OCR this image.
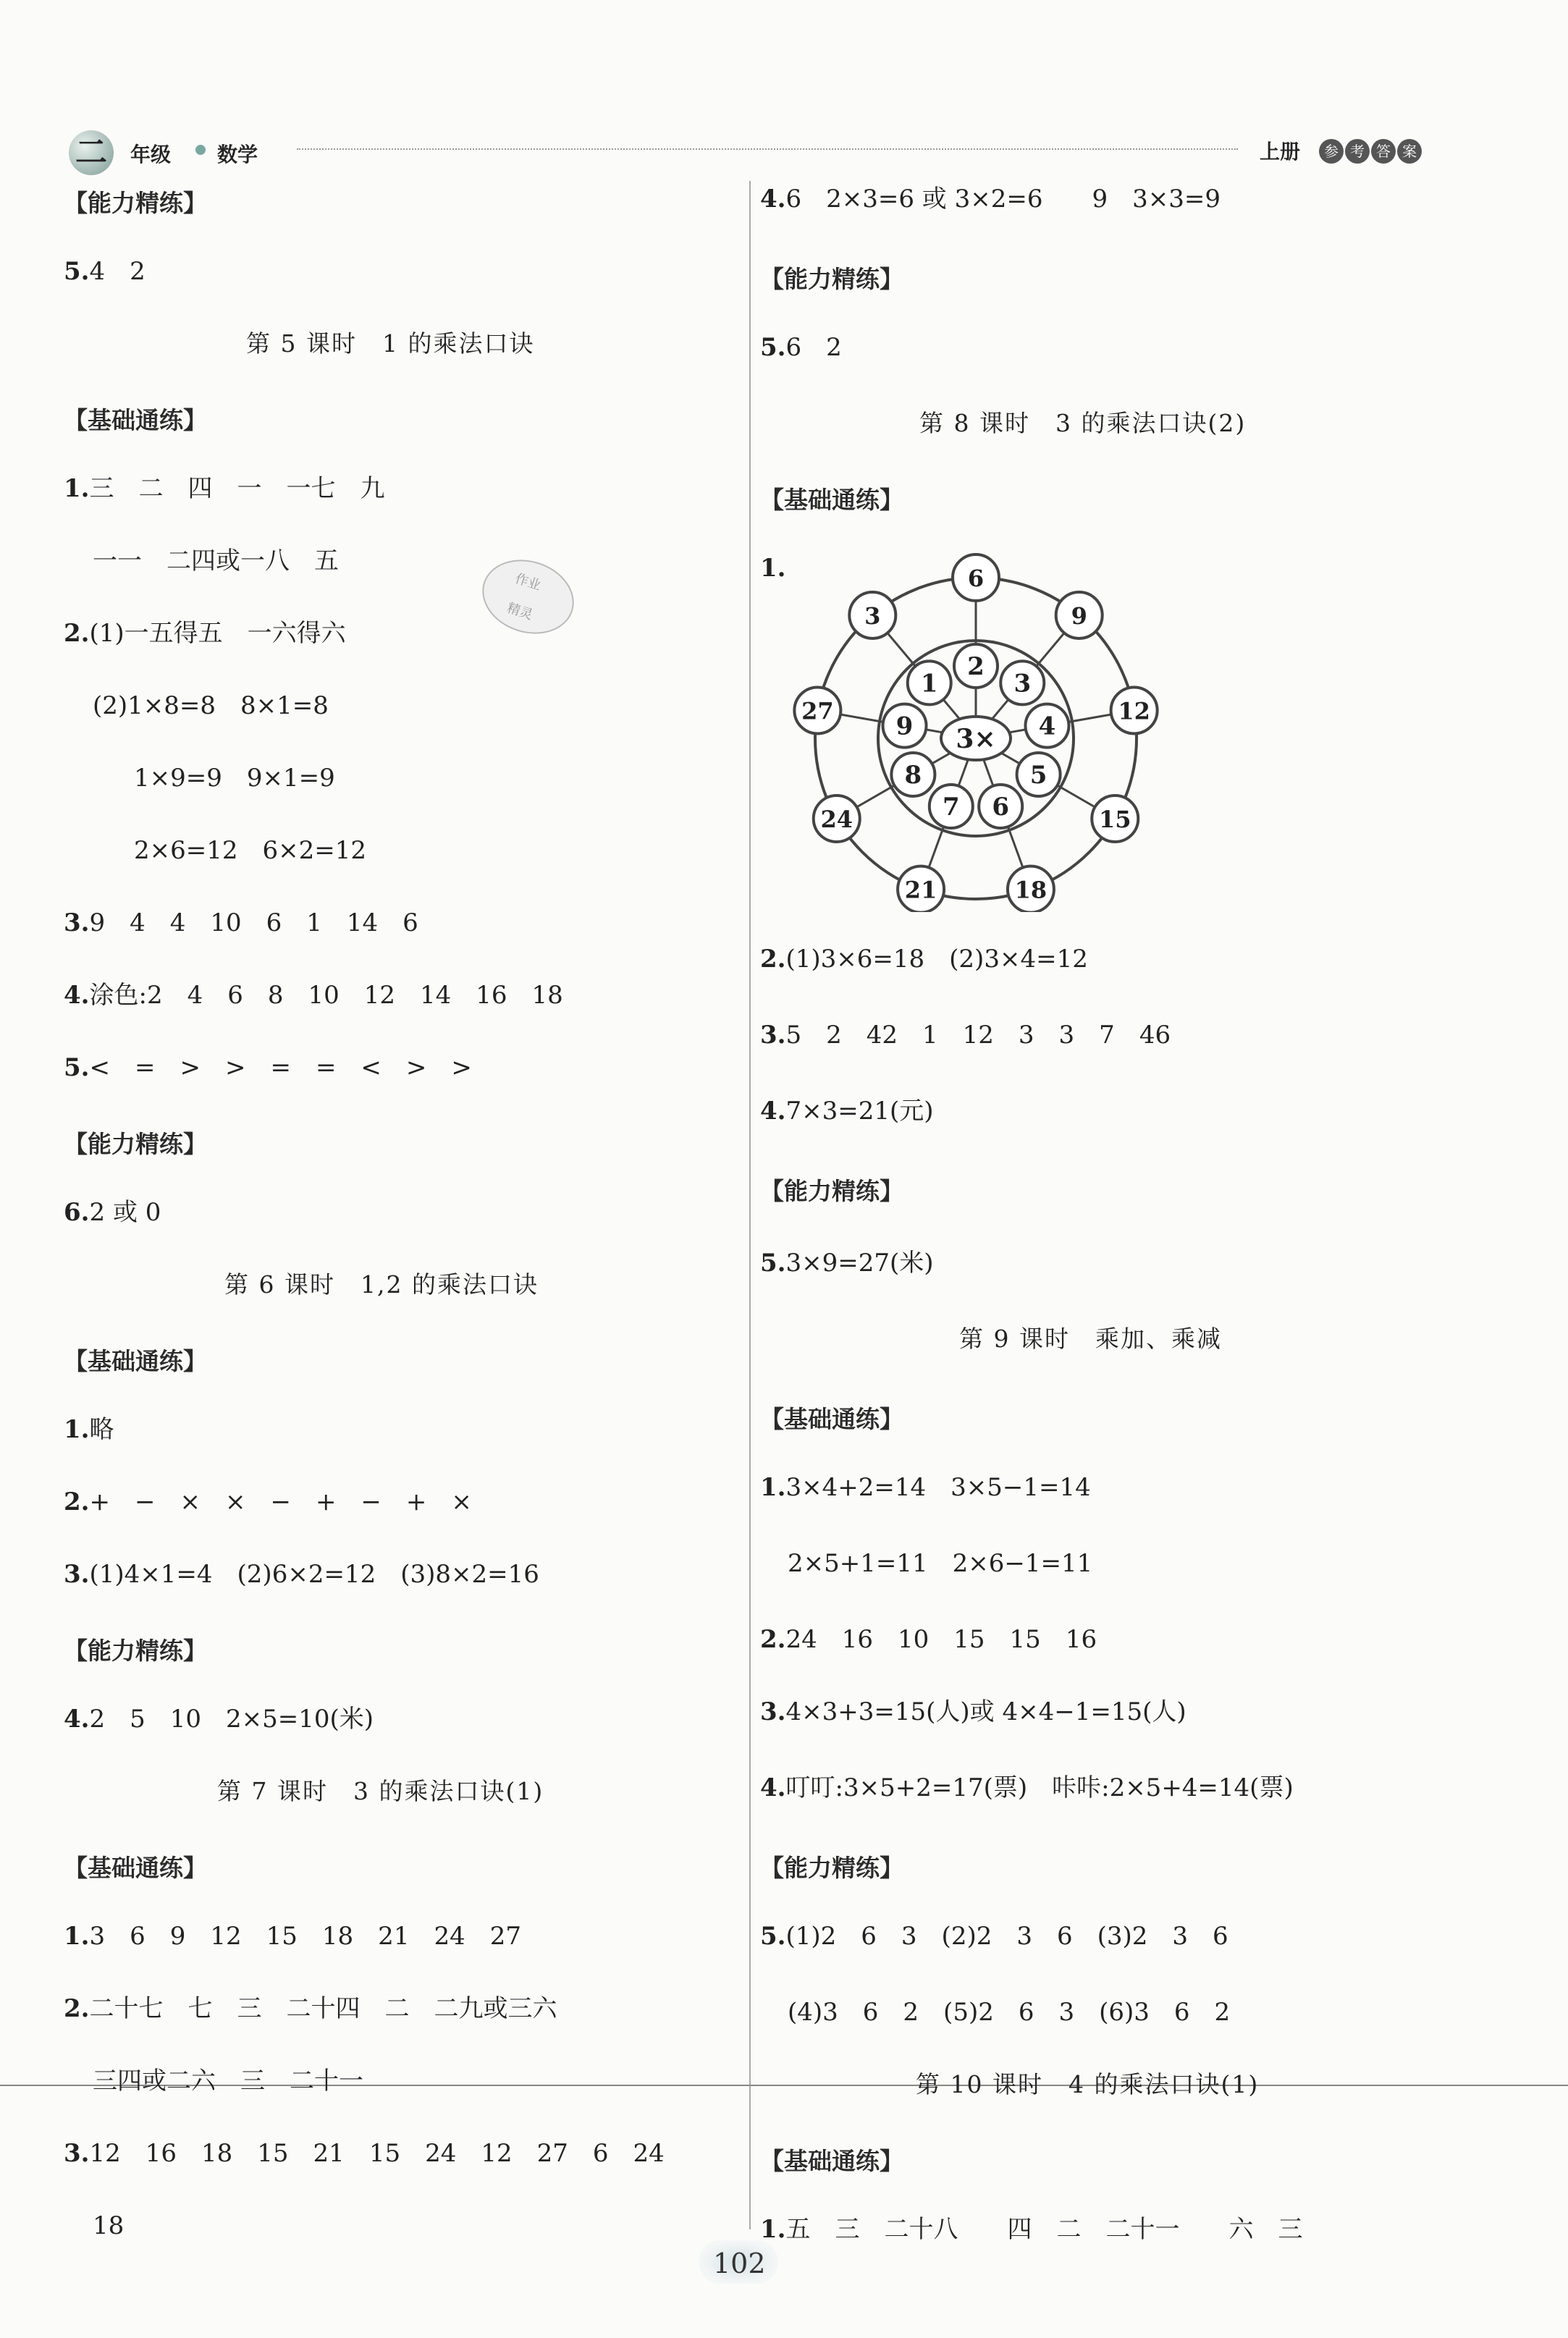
二	年级 数学	上册	参 考 答 案
【能力精练】
5.4　2
第 5 课时　1 的乘法口诀
【基础通练】
1.三　二　四　一　一七　九
一一　二四或一八　五

作业

精灵

2.(1)一五得五　一六得六
(2)1×8=8　8×1=8
1×9=9　9×1=9
2×6=12　6×2=12
3.9　4　4　10　6　1　14　6
4.涂色:2　4　6　8　10　12　14　16　18
5.<　=　>　>　=　=　<　>　>
【能力精练】
6.2 或 0
第 6 课时　1,2 的乘法口诀
【基础通练】
1.略
2.+　−　×　×　−　+　−　+　×
3.(1)4×1=4　(2)6×2=12　(3)8×2=16
【能力精练】
4.2　5　10　2×5=10(米)
第 7 课时　3 的乘法口诀(1)
【基础通练】
1.3　6　9　12　15　18　21　24　27
2.二十七　七　三　二十四　二　二九或三六
三四或二六　三　二十一
3.12　16　18　15　21　15　24　12　27　6　24
18
4.6　2×3=6 或 3×2=6　　9　3×3=9
【能力精练】
5.6　2
第 8 课时　3 的乘法口诀(2)
【基础通练】
1.
2
6
3
9
4
12
5
15
6
18
7
21
8
24
9
27
1
3
3×
2.(1)3×6=18　(2)3×4=12
3.5　2　42　1　12　3　3　7　46
4.7×3=21(元)
【能力精练】
5.3×9=27(米)
第 9 课时　乘加、乘减
【基础通练】
1.3×4+2=14　3×5−1=14
2×5+1=11　2×6−1=11
2.24　16　10　15　15　16
3.4×3+3=15(人)或 4×4−1=15(人)
4.叮叮:3×5+2=17(票)　咔咔:2×5+4=14(票)
【能力精练】
5.(1)2　6　3　(2)2　3　6　(3)2　3　6
(4)3　6　2　(5)2　6　3　(6)3　6　2
第 10 课时　4 的乘法口诀(1)
【基础通练】
1.五　三　二十八　　四　二　二十一　　六　三
102
